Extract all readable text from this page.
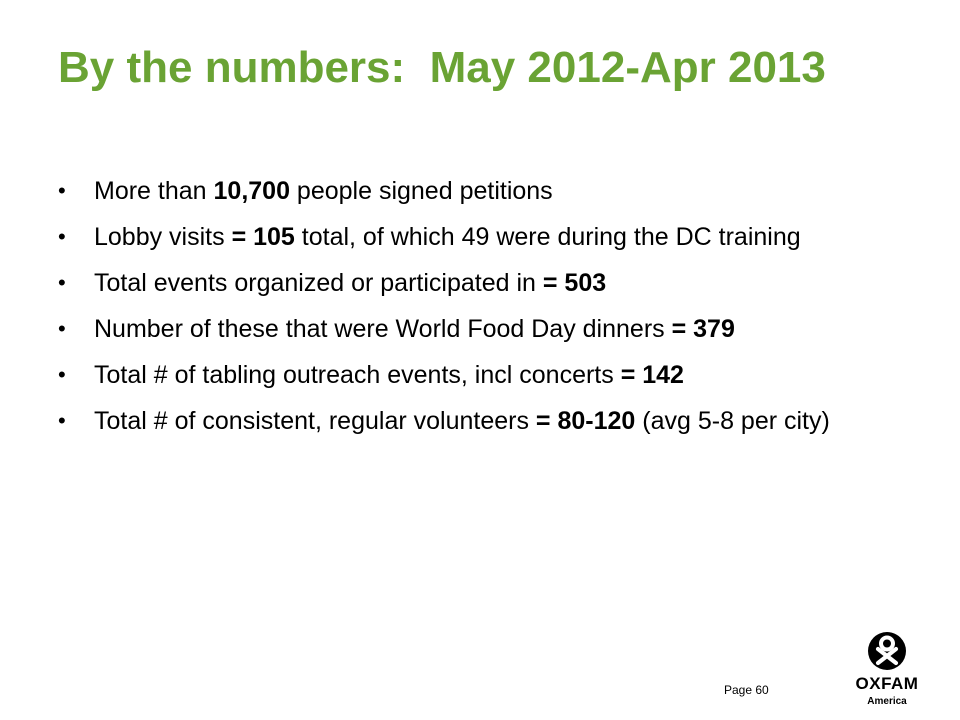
By the numbers:  May 2012-Apr 2013
•	More than 10,700 people signed petitions
•	Lobby visits = 105 total, of which 49 were during the DC training
•	Total events organized or participated in = 503
•	Number of these that were World Food Day dinners = 379
•	Total # of tabling outreach events, incl concerts = 142
•	Total # of consistent, regular volunteers = 80-120 (avg 5-8 per city)
Page 60	OXFAM
America
